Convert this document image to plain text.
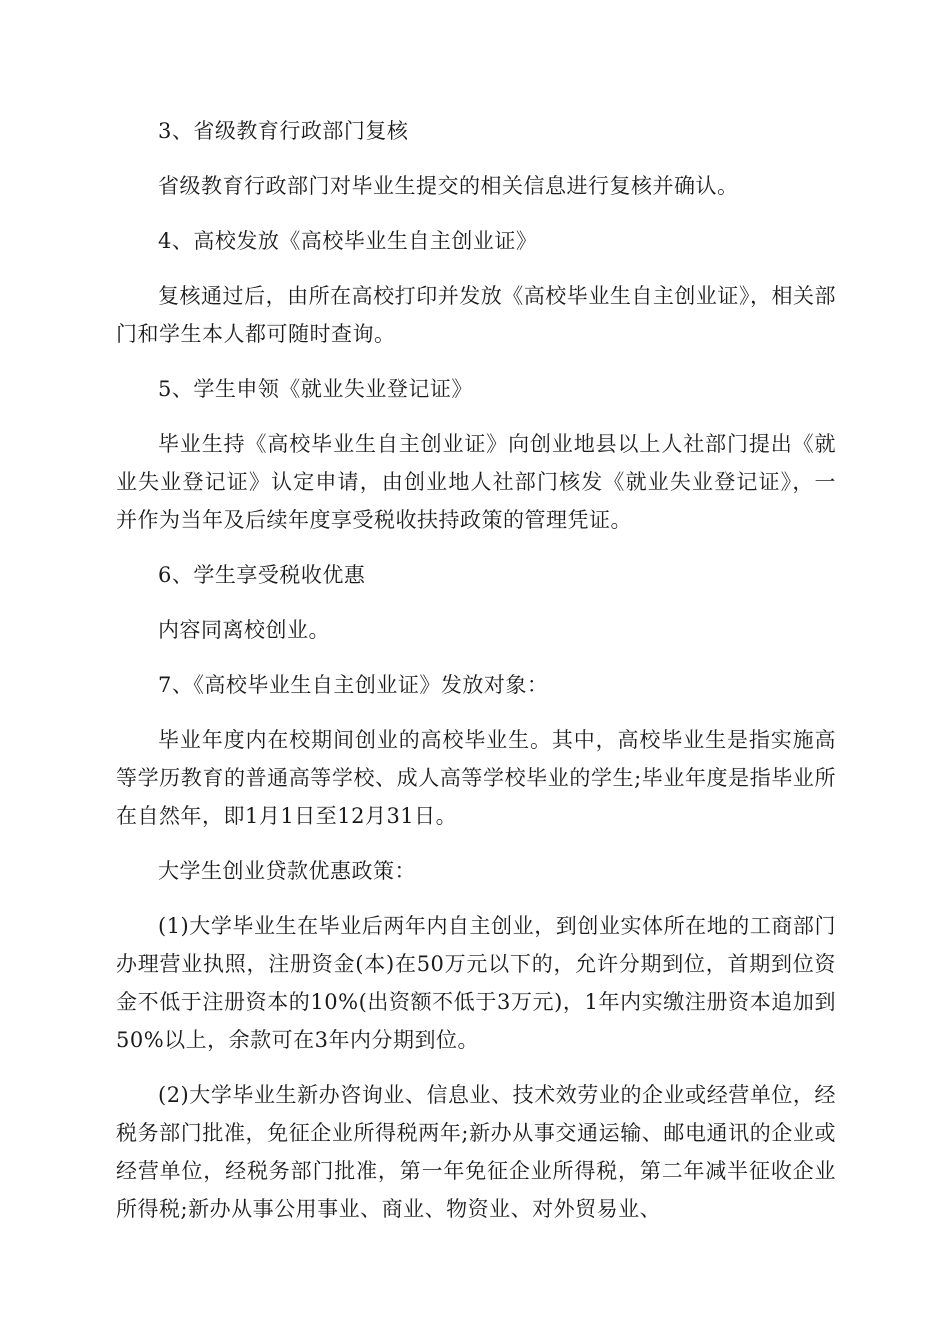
3、省级教育行政部门复核

省级教育行政部门对毕业生提交的相关信息进行复核并确认。

4、高校发放《高校毕业生自主创业证》

复核通过后，由所在高校打印并发放《高校毕业生自主创业证》，相关部门和学生本人都可随时查询。

5、学生申领《就业失业登记证》

毕业生持《高校毕业生自主创业证》向创业地县以上人社部门提出《就业失业登记证》认定申请，由创业地人社部门核发《就业失业登记证》，一并作为当年及后续年度享受税收扶持政策的管理凭证。

6、学生享受税收优惠

内容同离校创业。

7、《高校毕业生自主创业证》发放对象：

毕业年度内在校期间创业的高校毕业生。其中，高校毕业生是指实施高等学历教育的普通高等学校、成人高等学校毕业的学生;毕业年度是指毕业所在自然年，即1月1日至12月31日。

大学生创业贷款优惠政策：

(1)大学毕业生在毕业后两年内自主创业，到创业实体所在地的工商部门办理营业执照，注册资金(本)在50万元以下的，允许分期到位，首期到位资金不低于注册资本的10%(出资额不低于3万元)，1年内实缴注册资本追加到50%以上，余款可在3年内分期到位。

(2)大学毕业生新办咨询业、信息业、技术效劳业的企业或经营单位，经税务部门批准，免征企业所得税两年;新办从事交通运输、邮电通讯的企业或经营单位，经税务部门批准，第一年免征企业所得税，第二年减半征收企业所得税;新办从事公用事业、商业、物资业、对外贸易业、
